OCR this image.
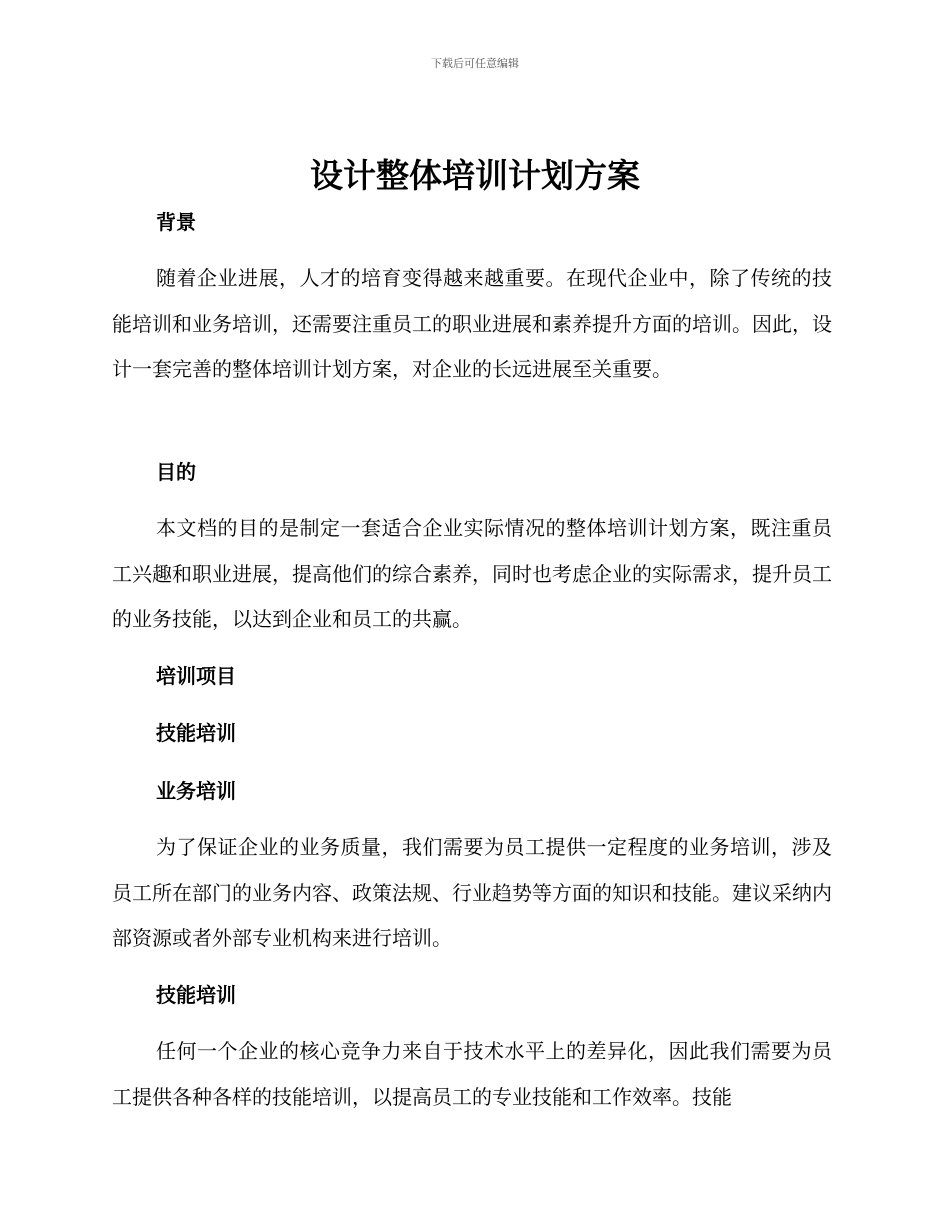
下载后可任意编辑
设计整体培训计划方案
背景

随着企业进展，人才的培育变得越来越重要。在现代企业中，除了传统的技能培训和业务培训，还需要注重员工的职业进展和素养提升方面的培训。因此，设计一套完善的整体培训计划方案，对企业的长远进展至关重要。

目的

本文档的目的是制定一套适合企业实际情况的整体培训计划方案，既注重员工兴趣和职业进展，提高他们的综合素养，同时也考虑企业的实际需求，提升员工的业务技能，以达到企业和员工的共赢。

培训项目
技能培训
业务培训

为了保证企业的业务质量，我们需要为员工提供一定程度的业务培训，涉及员工所在部门的业务内容、政策法规、行业趋势等方面的知识和技能。建议采纳内部资源或者外部专业机构来进行培训。

技能培训

任何一个企业的核心竞争力来自于技术水平上的差异化，因此我们需要为员工提供各种各样的技能培训，以提高员工的专业技能和工作效率。技能
